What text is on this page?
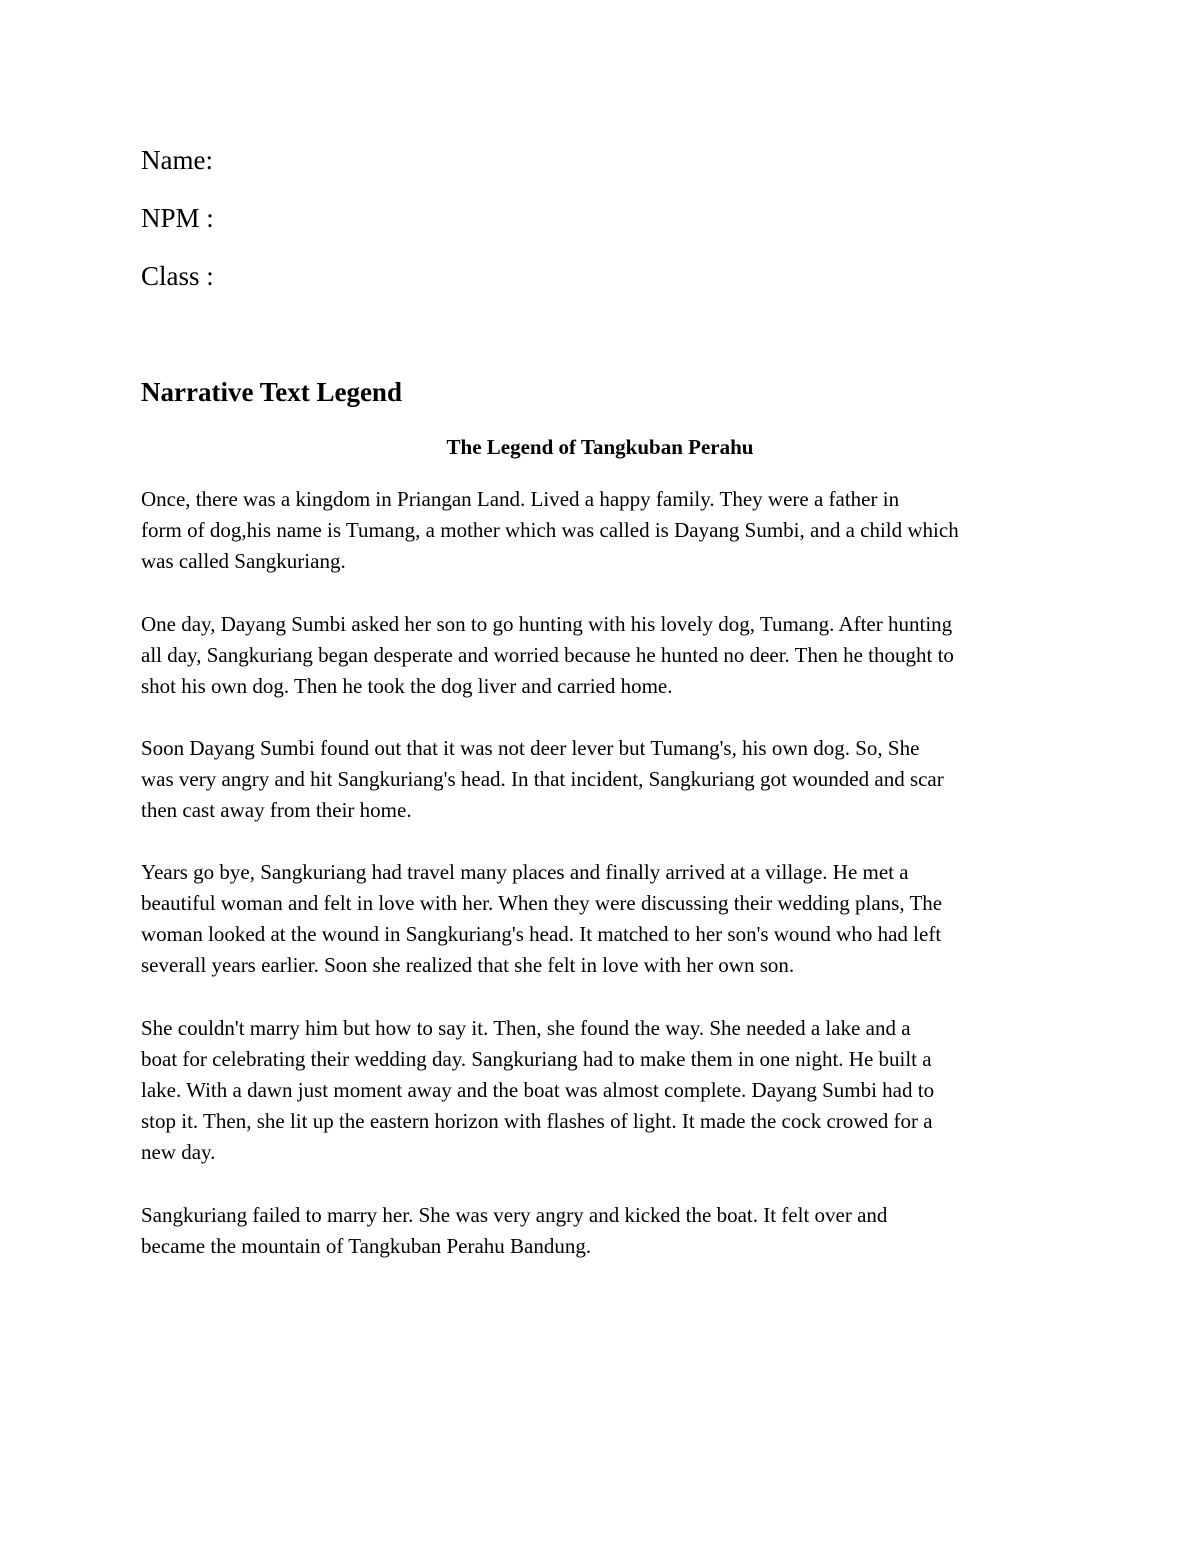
Name:
NPM :
Class :
Narrative Text Legend
The Legend of Tangkuban Perahu

Once, there was a kingdom in Priangan Land. Lived a happy family. They were a father in
form of dog,his name is Tumang, a mother which was called is Dayang Sumbi, and a child which
was called Sangkuriang.

One day, Dayang Sumbi asked her son to go hunting with his lovely dog, Tumang. After hunting
all day, Sangkuriang began desperate and worried because he hunted no deer. Then he thought to
shot his own dog. Then he took the dog liver and carried home.

Soon Dayang Sumbi found out that it was not deer lever but Tumang's, his own dog. So, She
was very angry and hit Sangkuriang's head. In that incident, Sangkuriang got wounded and scar
then cast away from their home.

Years go bye, Sangkuriang had travel many places and finally arrived at a village. He met a
beautiful woman and felt in love with her. When they were discussing their wedding plans, The
woman looked at the wound in Sangkuriang's head. It matched to her son's wound who had left
severall years earlier. Soon she realized that she felt in love with her own son.

She couldn't marry him but how to say it. Then, she found the way. She needed a lake and a
boat for celebrating their wedding day. Sangkuriang had to make them in one night. He built a
lake. With a dawn just moment away and the boat was almost complete. Dayang Sumbi had to
stop it. Then, she lit up the eastern horizon with flashes of light. It made the cock crowed for a
new day.

Sangkuriang failed to marry her. She was very angry and kicked the boat. It felt over and
became the mountain of Tangkuban Perahu Bandung.
